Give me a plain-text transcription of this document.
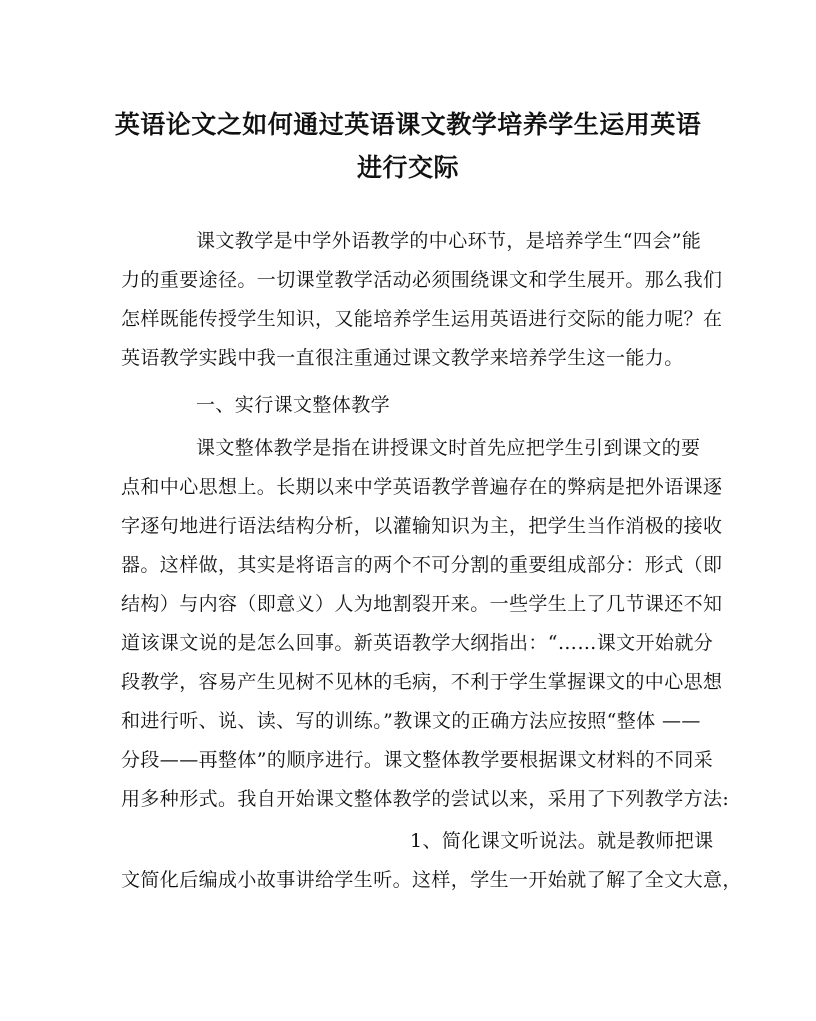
英语论文之如何通过英语课文教学培养学生运用英语
进行交际
课文教学是中学外语教学的中心环节，是培养学生“四会”能
力的重要途径。一切课堂教学活动必须围绕课文和学生展开。那么我们
怎样既能传授学生知识，又能培养学生运用英语进行交际的能力呢？在
英语教学实践中我一直很注重通过课文教学来培养学生这一能力。
一、实行课文整体教学
课文整体教学是指在讲授课文时首先应把学生引到课文的要
点和中心思想上。长期以来中学英语教学普遍存在的弊病是把外语课逐
字逐句地进行语法结构分析，以灌输知识为主，把学生当作消极的接收
器。这样做，其实是将语言的两个不可分割的重要组成部分：形式（即
结构）与内容（即意义）人为地割裂开来。一些学生上了几节课还不知
道该课文说的是怎么回事。新英语教学大纲指出：“……课文开始就分
段教学，容易产生见树不见林的毛病，不利于学生掌握课文的中心思想
和进行听、说、读、写的训练。”教课文的正确方法应按照“整体 ——
分段——再整体”的顺序进行。课文整体教学要根据课文材料的不同采
用多种形式。我自开始课文整体教学的尝试以来，采用了下列教学方法:
1、简化课文听说法。就是教师把课
文简化后编成小故事讲给学生听。这样，学生一开始就了解了全文大意，
